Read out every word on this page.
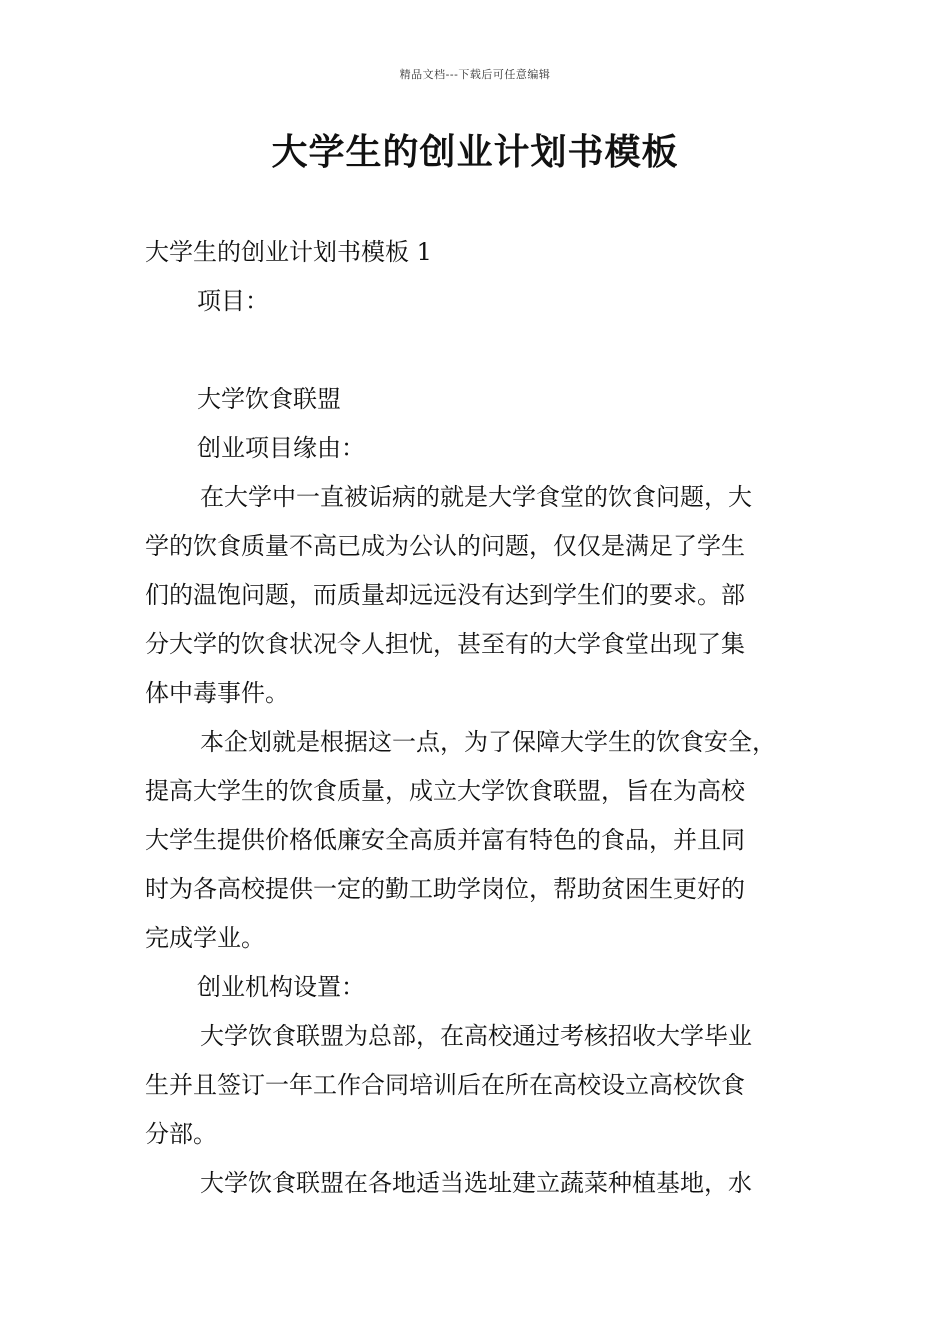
精品文档---下载后可任意编辑
大学生的创业计划书模板
大学生的创业计划书模板 1
项目：
大学饮食联盟
创业项目缘由：
在大学中一直被诟病的就是大学食堂的饮食问题，大
学的饮食质量不高已成为公认的问题，仅仅是满足了学生
们的温饱问题，而质量却远远没有达到学生们的要求。部
分大学的饮食状况令人担忧，甚至有的大学食堂出现了集
体中毒事件。
本企划就是根据这一点，为了保障大学生的饮食安全，
提高大学生的饮食质量，成立大学饮食联盟，旨在为高校
大学生提供价格低廉安全高质并富有特色的食品，并且同
时为各高校提供一定的勤工助学岗位，帮助贫困生更好的
完成学业。
创业机构设置：
大学饮食联盟为总部，在高校通过考核招收大学毕业
生并且签订一年工作合同培训后在所在高校设立高校饮食
分部。
大学饮食联盟在各地适当选址建立蔬菜种植基地，水
